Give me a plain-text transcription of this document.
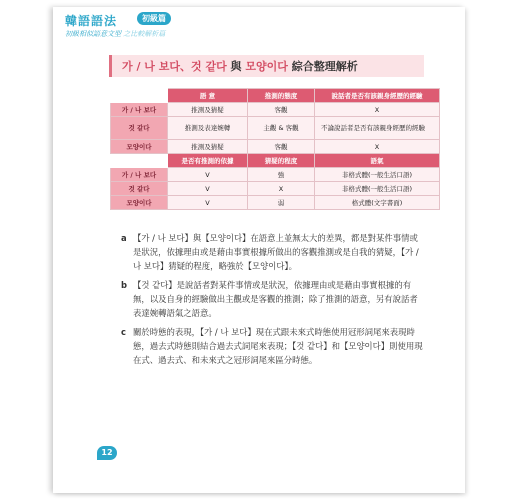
韓語語法	初級篇
初級相似語意文型 之比較解析篇
가 / 나 보다、것 같다 與 모양이다 綜合整理解析
	語 意	推測的態度	說話者是否有該親身經歷的經驗
가 / 나 보다	推測及猜疑	客觀	X
것 같다	推測及表達婉轉	主觀 & 客觀	不論說話者是否有該親身經歷的經驗
모양이다	推測及猜疑	客觀	X
	是否有推測的依據	猜疑的程度	語氣
가 / 나 보다	V	強	非格式體(一般生活口語)
것 같다	V	X	非格式體(一般生活口語)
모양이다	V	弱	格式體(文字書面)
a 【가 / 나 보다】與【모양이다】在語意上並無太大的差異，都是對某件事情或是狀況，依據理由或是藉由事實根據所做出的客觀推測或是自我的猜疑，【가 / 나 보다】猜疑的程度，略強於【모양이다】。
b 【것 같다】是說話者對某件事情或是狀況，依據理由或是藉由事實根據的有無，以及自身的經驗做出主觀或是客觀的推測；除了推測的語意，另有說話者表達婉轉語氣之語意。
c 關於時態的表現，【가 / 나 보다】現在式跟未來式時態使用冠形詞尾來表現時態，過去式時態則結合過去式詞尾來表現；【것 같다】和【모양이다】則使用現在式、過去式、和未來式之冠形詞尾來區分時態。
12
